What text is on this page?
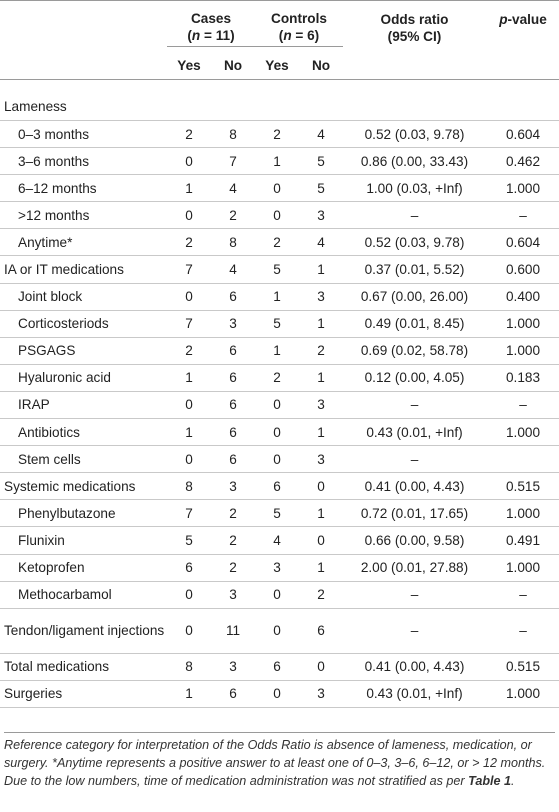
	Cases
(n = 11)		Controls
(n = 6)		Odds ratio
(95% CI)	p-value

	Yes	No	Yes	No		
Lameness						
0–3 months	2	8	2	4	0.52 (0.03, 9.78)	0.604
3–6 months	0	7	1	5	0.86 (0.00, 33.43)	0.462
6–12 months	1	4	0	5	1.00 (0.03, +Inf)	1.000
>12 months	0	2	0	3	–	–
Anytime*	2	8	2	4	0.52 (0.03, 9.78)	0.604
IA or IT medications	7	4	5	1	0.37 (0.01, 5.52)	0.600
Joint block	0	6	1	3	0.67 (0.00, 26.00)	0.400
Corticosteriods	7	3	5	1	0.49 (0.01, 8.45)	1.000
PSGAGS	2	6	1	2	0.69 (0.02, 58.78)	1.000
Hyaluronic acid	1	6	2	1	0.12 (0.00, 4.05)	0.183
IRAP	0	6	0	3	–	–
Antibiotics	1	6	0	1	0.43 (0.01, +Inf)	1.000
Stem cells	0	6	0	3	–	
Systemic medications	8	3	6	0	0.41 (0.00, 4.43)	0.515
Phenylbutazone	7	2	5	1	0.72 (0.01, 17.65)	1.000
Flunixin	5	2	4	0	0.66 (0.00, 9.58)	0.491
Ketoprofen	6	2	3	1	2.00 (0.01, 27.88)	1.000
Methocarbamol	0	3	0	2	–	–
Tendon/ligament injections	0	11	0	6	–	–
Total medications	8	3	6	0	0.41 (0.00, 4.43)	0.515
Surgeries	1	6	0	3	0.43 (0.01, +Inf)	1.000
Reference category for interpretation of the Odds Ratio is absence of lameness, medication, or surgery. *Anytime represents a positive answer to at least one of 0–3, 3–6, 6–12, or > 12 months. Due to the low numbers, time of medication administration was not stratified as per Table 1.
